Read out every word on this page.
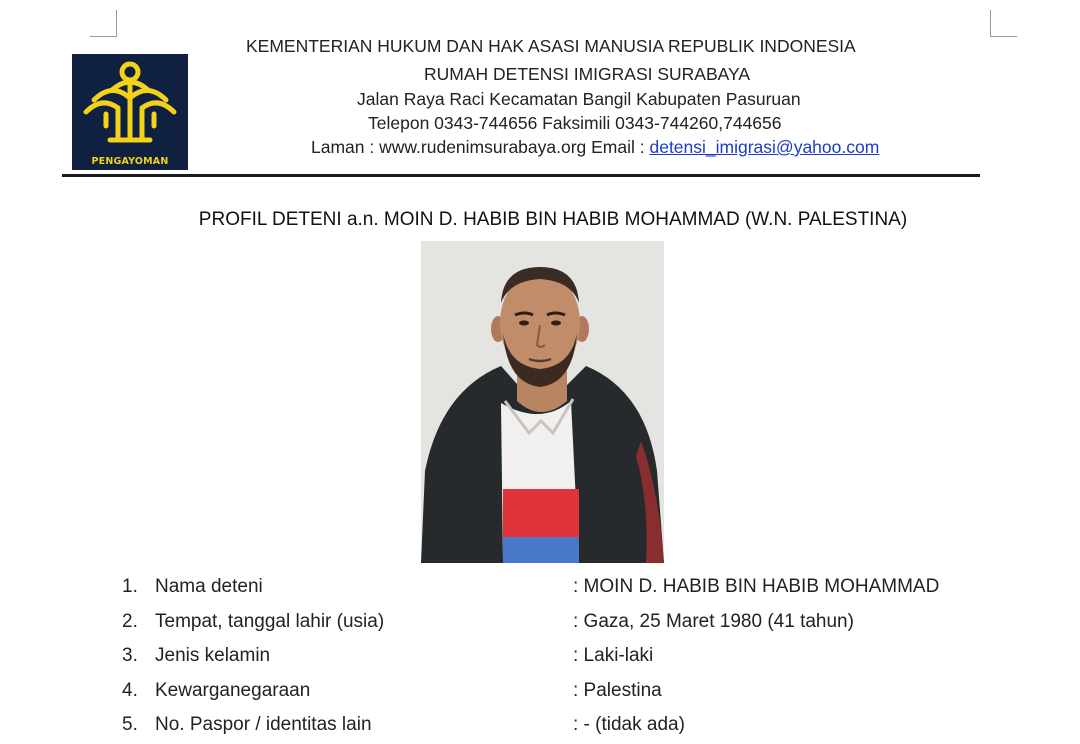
PENGAYOMAN
KEMENTERIAN HUKUM DAN HAK ASASI MANUSIA REPUBLIK INDONESIA
RUMAH DETENSI IMIGRASI SURABAYA
Jalan Raya Raci Kecamatan Bangil Kabupaten Pasuruan
Telepon 0343-744656 Faksimili 0343-744260,744656
Laman : www.rudenimsurabaya.org Email : detensi_imigrasi@yahoo.com
PROFIL DETENI a.n. MOIN D. HABIB BIN HABIB MOHAMMAD (W.N. PALESTINA)
1. Nama deteni	: MOIN D. HABIB BIN HABIB MOHAMMAD
2. Tempat, tanggal lahir (usia)	: Gaza, 25 Maret 1980 (41 tahun)
3. Jenis kelamin	: Laki-laki
4. Kewarganegaraan	: Palestina
5. No. Paspor / identitas lain	: - (tidak ada)
